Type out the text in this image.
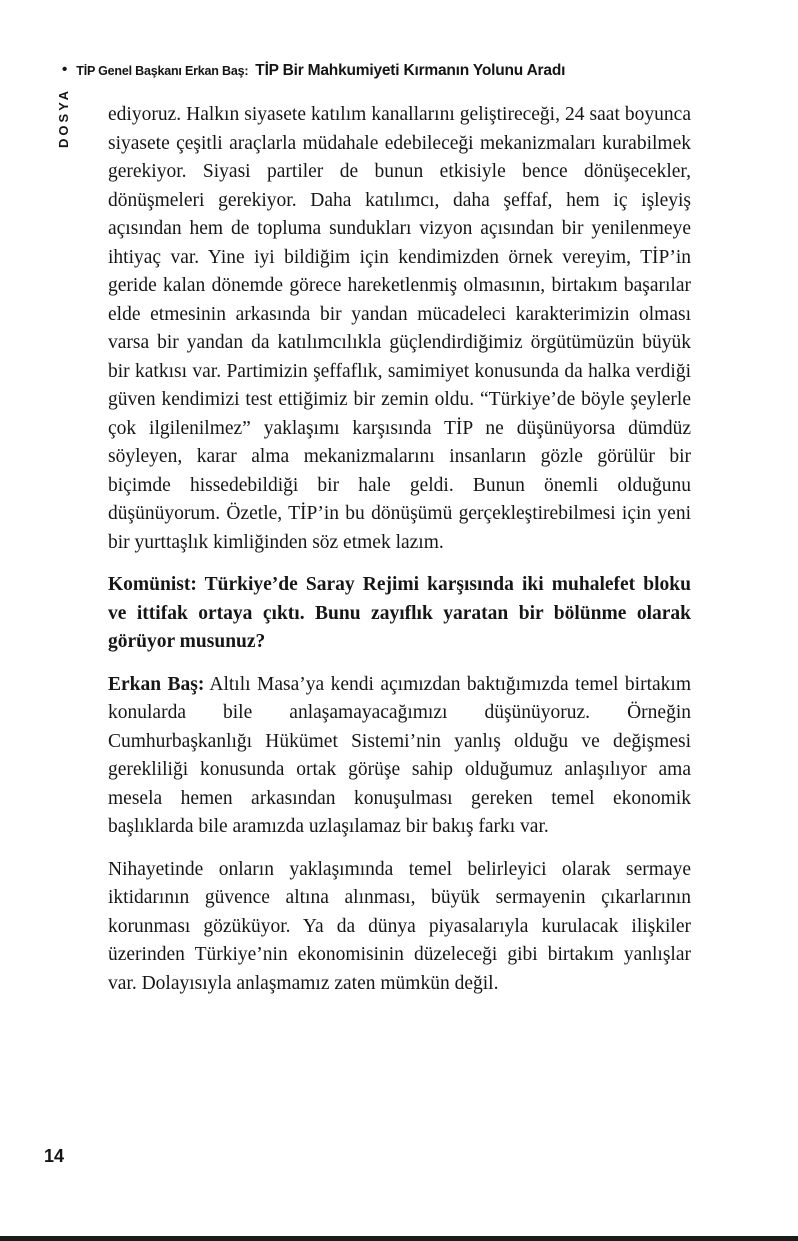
• TİP Genel Başkanı Erkan Baş: TİP Bir Mahkumiyeti Kırmanın Yolunu Aradı
DOSYA ediyoruz. Halkın siyasete katılım kanallarını geliştireceği, 24 saat boyunca siyasete çeşitli araçlarla müdahale edebileceği mekanizmaları kurabilmek gerekiyor. Siyasi partiler de bunun etkisiyle bence dönüşecekler, dönüşmeleri gerekiyor. Daha katılımcı, daha şeffaf, hem iç işleyiş açısından hem de topluma sundukları vizyon açısından bir yenilenmeye ihtiyaç var. Yine iyi bildiğim için kendimizden örnek vereyim, TİP’in geride kalan dönemde görece hareketlenmiş olmasının, birtakım başarılar elde etmesinin arkasında bir yandan mücadeleci karakterimizin olması varsa bir yandan da katılımcılıkla güçlendirdiğimiz örgütümüzün büyük bir katkısı var. Partimizin şeffaflık, samimiyet konusunda da halka verdiği güven kendimizi test ettiğimiz bir zemin oldu. “Türkiye’de böyle şeylerle çok ilgilenilmez” yaklaşımı karşısında TİP ne düşünüyorsa dümdüz söyleyen, karar alma mekanizmalarını insanların gözle görülür bir biçimde hissedebildiği bir hale geldi. Bunun önemli olduğunu düşünüyorum. Özetle, TİP’in bu dönüşümü gerçekleştirebilmesi için yeni bir yurttaşlık kimliğinden söz etmek lazım.

Komünist: Türkiye’de Saray Rejimi karşısında iki muhalefet bloku ve ittifak ortaya çıktı. Bunu zayıflık yaratan bir bölünme olarak görüyor musunuz?

Erkan Baş: Altılı Masa’ya kendi açımızdan baktığımızda temel birtakım konularda bile anlaşamayacağımızı düşünüyoruz. Örneğin Cumhurbaşkanlığı Hükümet Sistemi’nin yanlış olduğu ve değişmesi gerekliliği konusunda ortak görüşe sahip olduğumuz anlaşılıyor ama mesela hemen arkasından konuşulması gereken temel ekonomik başlıklarda bile aramızda uzlaşılamaz bir bakış farkı var.

Nihayetinde onların yaklaşımında temel belirleyici olarak sermaye iktidarının güvence altına alınması, büyük sermayenin çıkarlarının korunması gözüküyor. Ya da dünya piyasalarıyla kurulacak ilişkiler üzerinden Türkiye’nin ekonomisinin düzeleceği gibi birtakım yanlışlar var. Dolayısıyla anlaşmamız zaten mümkün değil.

14
